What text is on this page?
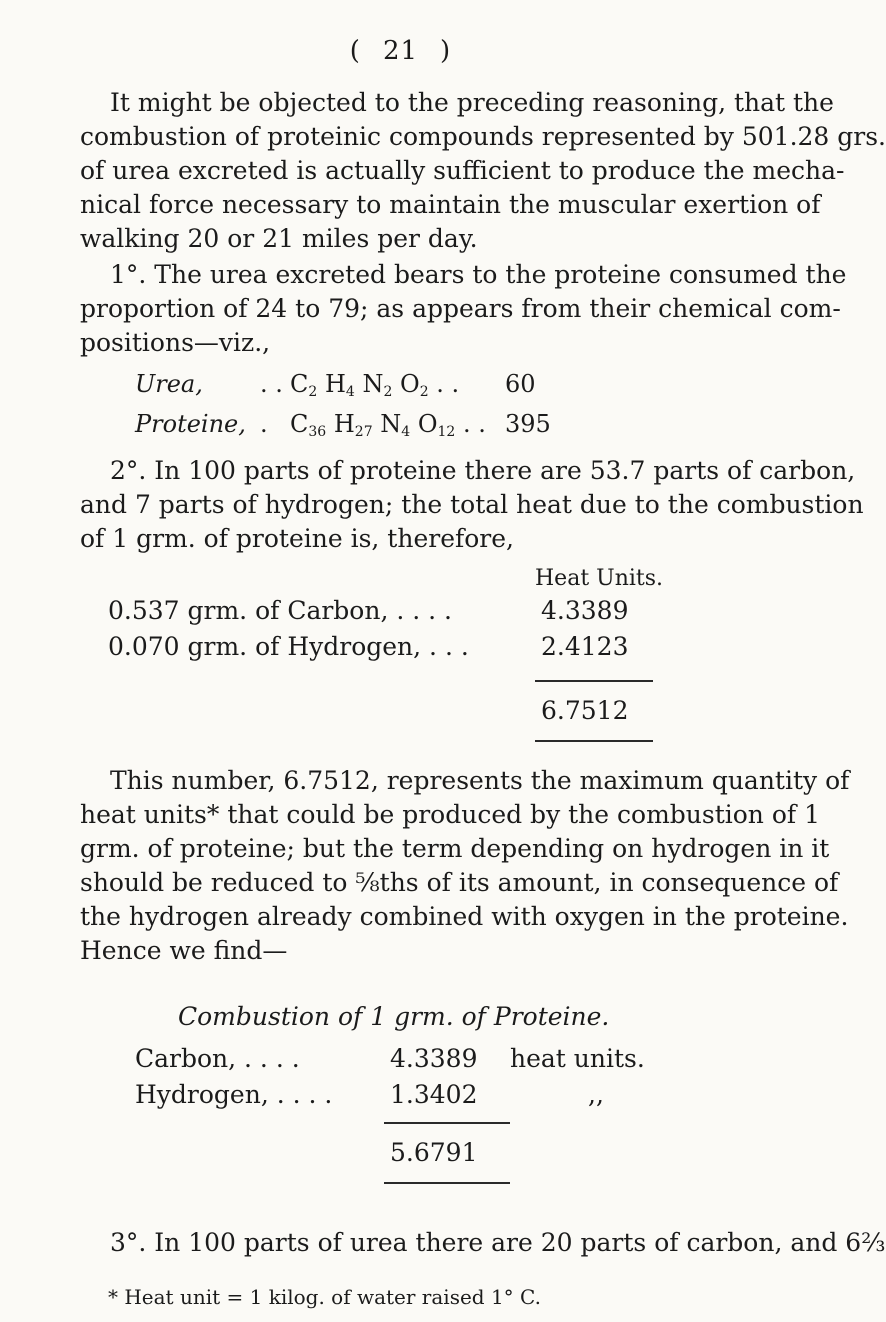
( 21 )
It might be objected to the preceding reasoning, that the
combustion of proteinic compounds represented by 501.28 grs.
of urea excreted is actually sufficient to produce the mecha-
nical force necessary to maintain the muscular exertion of
walking 20 or 21 miles per day.
1°. The urea excreted bears to the proteine consumed the
proportion of 24 to 79; as appears from their chemical com-
positions—viz.,
Urea, . . $C_2$ $H_4$ $N_2$ $O_2$ . . 60
Proteine, . $C_{36}$ $H_{27}$ $N_4$ $O_{12}$ . . 395
2°. In 100 parts of proteine there are 53.7 parts of carbon,
and 7 parts of hydrogen; the total heat due to the combustion
of 1 grm. of proteine is, therefore,
Heat Units.
0.537 grm. of Carbon, . . . .	4.3389
0.070 grm. of Hydrogen, . . .	2.4123
6.7512
This number, 6.7512, represents the maximum quantity of
heat units* that could be produced by the combustion of 1
grm. of proteine; but the term depending on hydrogen in it
should be reduced to ⅝ths of its amount, in consequence of
the hydrogen already combined with oxygen in the proteine.
Hence we find—
Combustion of 1 grm. of Proteine.
Carbon, . . . .	4.3389 heat units.
Hydrogen, . . . . 1.3402	,,
5.6791
3°. In 100 parts of urea there are 20 parts of carbon, and 6⅔
* Heat unit = 1 kilog. of water raised 1° C.
